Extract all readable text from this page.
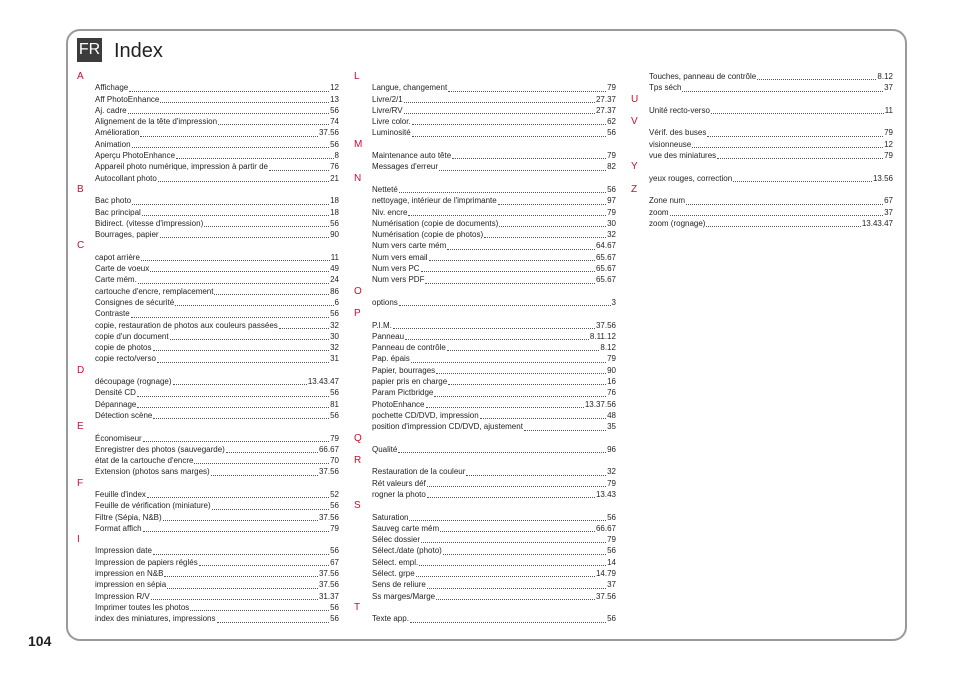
FR Index
A
Affichage	12
Aff PhotoEnhance	13
Aj. cadre	56
Alignement de la tête d'impression	74
Amélioration	37.56
Animation	56
Aperçu PhotoEnhance	8
Appareil photo numérique, impression à partir de	76
Autocollant photo	21
B
Bac photo	18
Bac principal	18
Bidirect. (vitesse d'impression)	56
Bourrages, papier	90
C
capot arrière	11
Carte de voeux	49
Carte mém.	24
cartouche d'encre, remplacement	86
Consignes de sécurité	6
Contraste	56
copie, restauration de photos aux couleurs passées	32
copie d'un document	30
copie de photos	32
copie recto/verso	31
D
découpage (rognage)	13.43.47
Densité CD	56
Dépannage	81
Détection scène	56
E
Économiseur	79
Enregistrer des photos (sauvegarde)	66.67
état de la cartouche d'encre	70
Extension (photos sans marges)	37.56
F
Feuille d'index	52
Feuille de vérification (miniature)	56
Filtre (Sépia, N&B)	37.56
Format affich	79
I
Impression date	56
Impression de papiers réglés	67
impression en N&B	37.56
impression en sépia	37.56
Impression R/V	31.37
Imprimer toutes les photos	56
index des miniatures, impressions	56
L
Langue, changement	79
Livre/2/1	27.37
Livre/RV	27.37
Livre color.	62
Luminosité	56
M
Maintenance auto tête	79
Messages d'erreur	82
N
Netteté	56
nettoyage, intérieur de l'imprimante	97
Niv. encre	79
Numérisation (copie de documents)	30
Numérisation (copie de photos)	32
Num vers carte mém	64.67
Num vers email	65.67
Num vers PC	65.67
Num vers PDF	65.67
O
options	3
P
P.I.M.	37.56
Panneau	8.11.12
Panneau de contrôle	8.12
Pap. épais	79
Papier, bourrages	90
papier pris en charge	16
Param Pictbridge	76
PhotoEnhance	13.37.56
pochette CD/DVD, impression	48
position d'impression CD/DVD, ajustement	35
Q
Qualité	96
R
Restauration de la couleur	32
Rét valeurs déf	79
rogner la photo	13.43
S
Saturation	56
Sauveg carte mém	66.67
Sélec dossier	79
Sélect./date (photo)	56
Sélect. empl.	14
Sélect. grpe	14.79
Sens de reliure	37
Ss marges/Marge	37.56
T
Texte app.	56
Touches, panneau de contrôle	8.12
Tps séch	37
U
Unité recto-verso	11
V
Vérif. des buses	79
visionneuse	12
vue des miniatures	79
Y
yeux rouges, correction	13.56
Z
Zone num	67
zoom	37
zoom (rognage)	13.43.47
104
